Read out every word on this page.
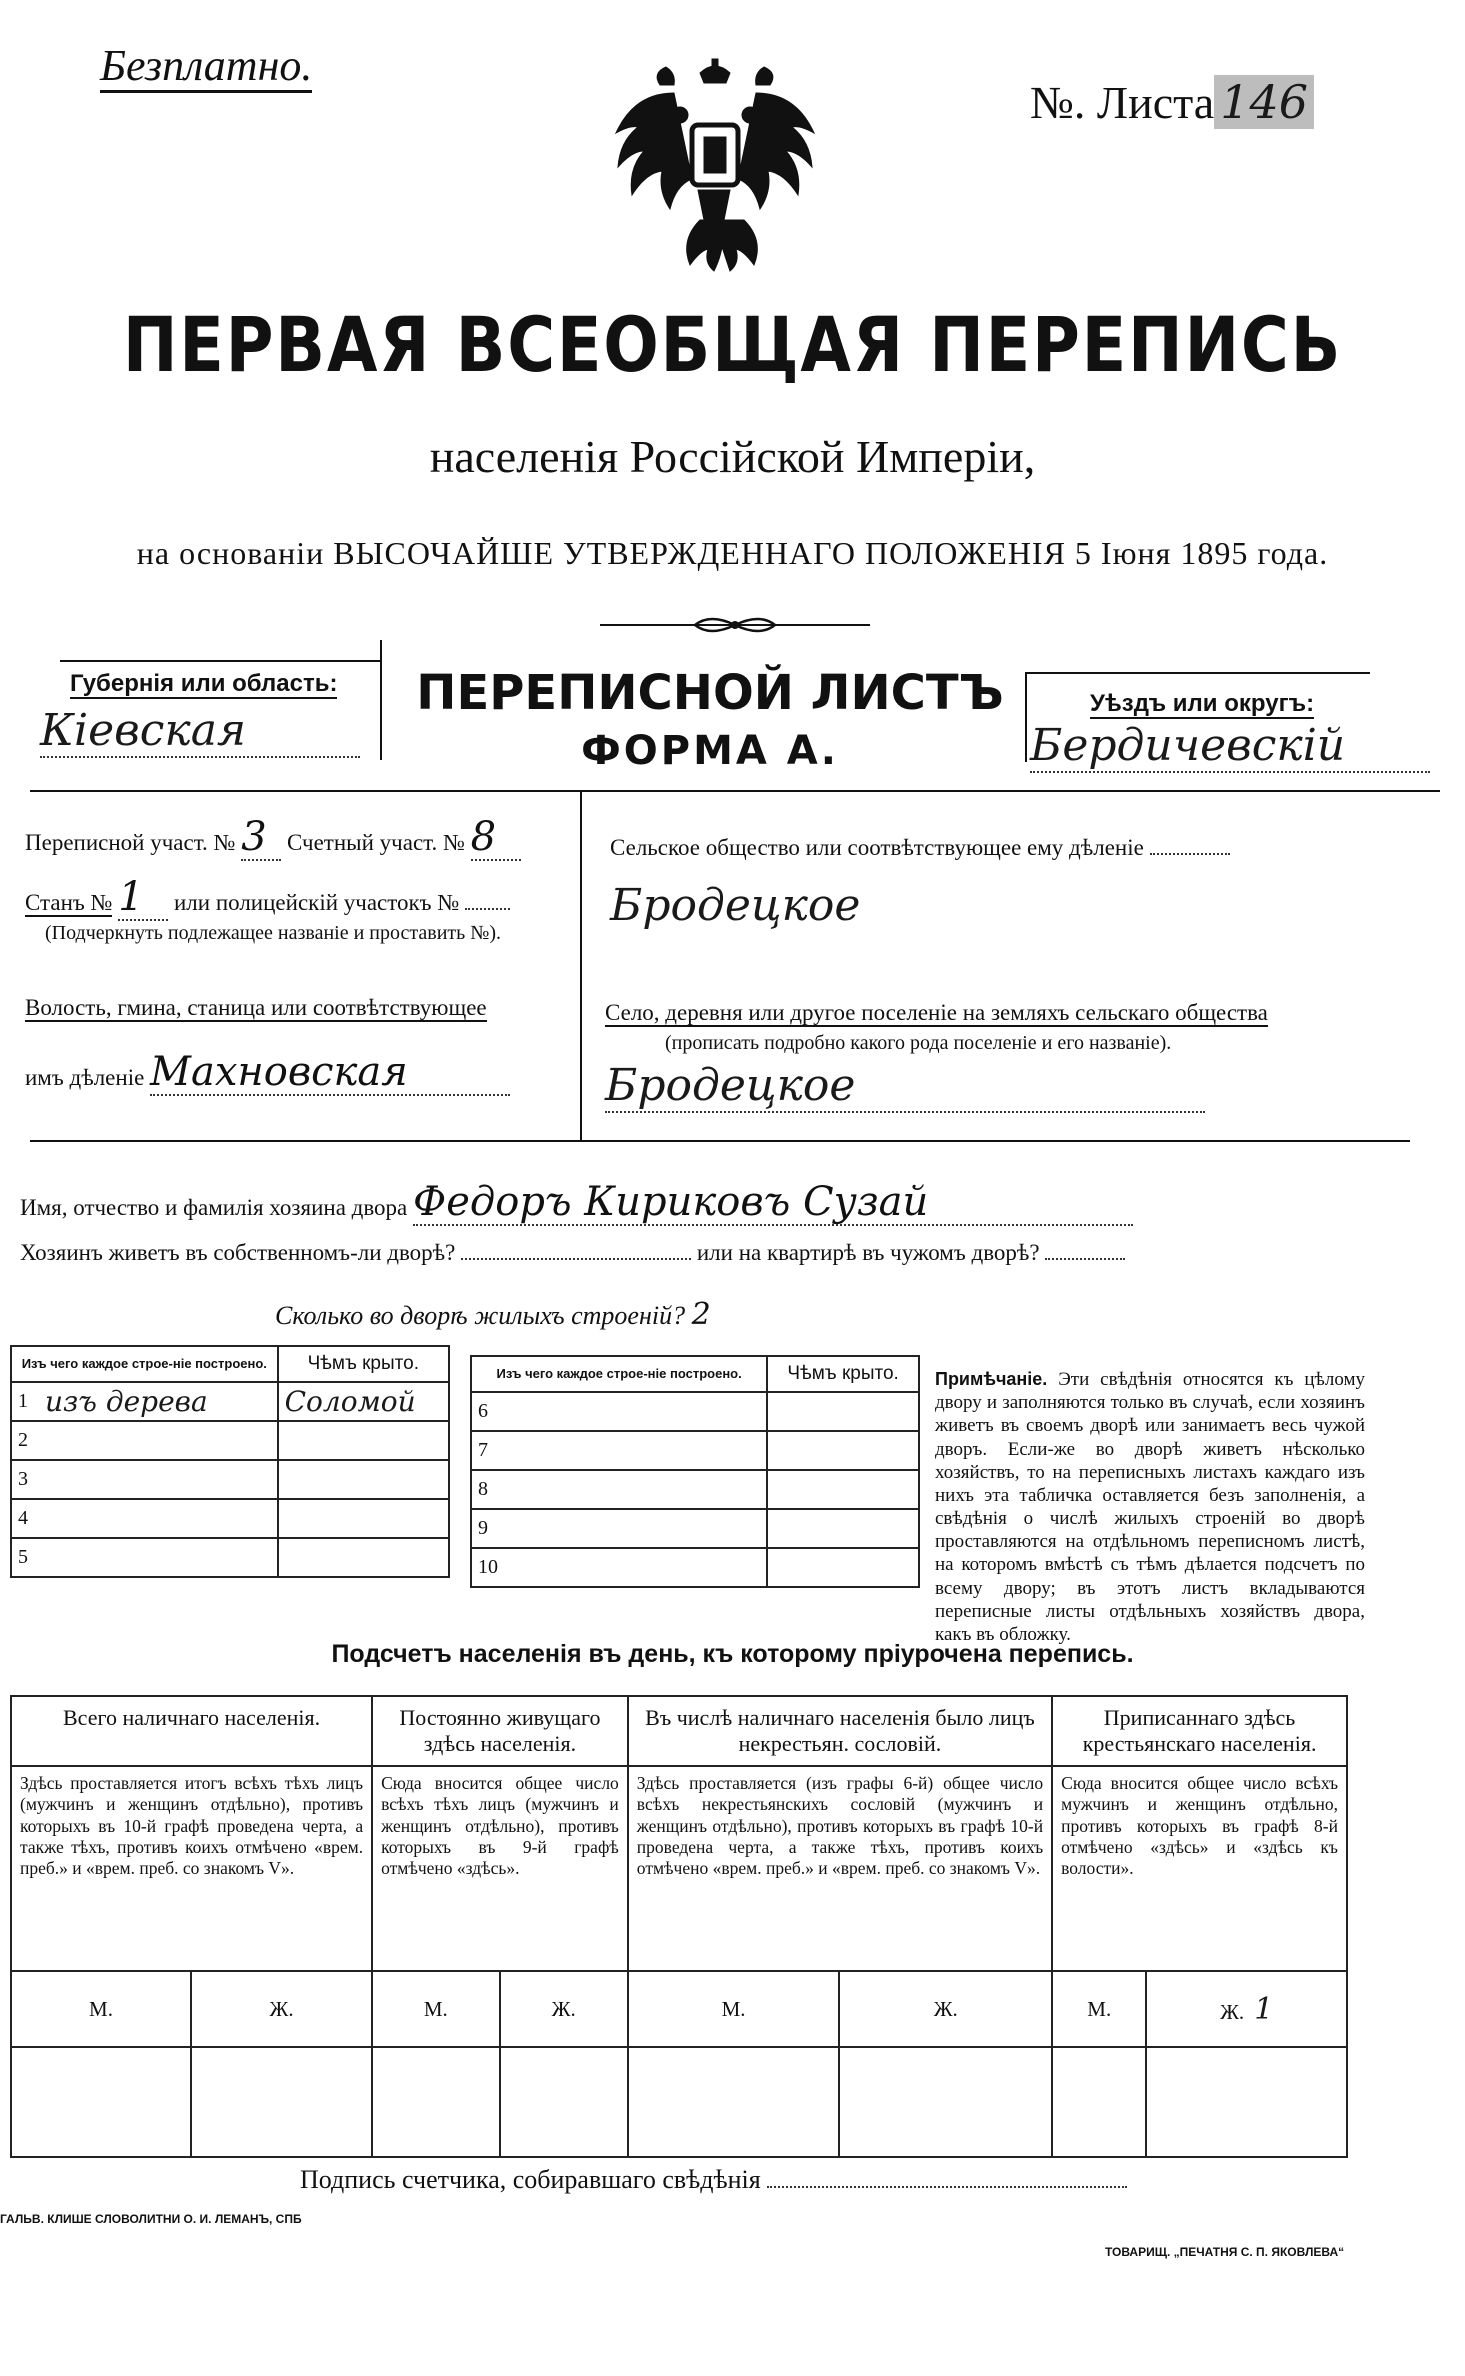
Безплатно.
№. Листа 146
ПЕРВАЯ ВСЕОБЩАЯ ПЕРЕПИСЬ
населенія Россійской Имперіи,
на основаніи ВЫСОЧАЙШЕ УТВЕРЖДЕННАГО ПОЛОЖЕНІЯ 5 Іюня 1895 года.
Губернія или область:
Кіевская
ПЕРЕПИСНОЙ ЛИСТЪ
ФОРМА А.
Уѣздъ или округъ:
Бердичевскій
Переписной участ. № 3 Счетный участ. № 8
Станъ № 1 или полицейскій участокъ №
(Подчеркнуть подлежащее названіе и проставить №).
Волость, гмина, станица или соотвѣтствующее
имъ дѣленіе Махновская
Сельское общество или соотвѣтствующее ему дѣленіе
Бродецкое
Село, деревня или другое поселеніе на земляхъ сельскаго общества
(прописать подробно какого рода поселеніе и его названіе).
Бродецкое
Имя, отчество и фамилія хозяина двора Федоръ Кириковъ Сузай
Хозяинъ живетъ въ собственномъ-ли дворѣ?	или на квартирѣ въ чужомъ дворѣ?
Сколько во дворѣ жилыхъ строеній? 2
Изъ чего каждое строе-ніе построено.		Чѣмъ крыто.
1	изъ дерева	Соломой
2		
3		
4		
5		
Изъ чего каждое строе-ніе построено.		Чѣмъ крыто.
6		
7		
8		
9		
10		
Примѣчаніе. Эти свѣдѣнія относятся къ цѣлому двору и заполняются только въ случаѣ, если хозяинъ живетъ въ своемъ дворѣ или занимаетъ весь чужой дворъ. Если-же во дворѣ живетъ нѣсколько хозяйствъ, то на переписныхъ листахъ каждаго изъ нихъ эта табличка оставляется безъ заполненія, а свѣдѣнія о числѣ жилыхъ строеній во дворѣ проставляются на отдѣльномъ переписномъ листѣ, на которомъ вмѣстѣ съ тѣмъ дѣлается подсчетъ по всему двору; въ этотъ листъ вкладываются переписные листы отдѣльныхъ хозяйствъ двора, какъ въ обложку.
Подсчетъ населенія въ день, къ которому пріурочена перепись.
Всего наличнаго населенія.		Постоянно живущаго здѣсь населенія.		Въ числѣ наличнаго населенія было лицъ некрестьян. сословій.		Приписаннаго здѣсь крестьянскаго населенія.	
Здѣсь проставляется итогъ всѣхъ тѣхъ лицъ (мужчинъ и женщинъ отдѣльно), противъ которыхъ въ 10-й графѣ проведена черта, а также тѣхъ, противъ коихъ отмѣчено «врем. преб.» и «врем. преб. со знакомъ V».		Сюда вносится общее число всѣхъ тѣхъ лицъ (мужчинъ и женщинъ отдѣльно), противъ которыхъ въ 9-й графѣ отмѣчено «здѣсь».		Здѣсь проставляется (изъ графы 6-й) общее число всѣхъ некрестьянскихъ сословій (мужчинъ и женщинъ отдѣльно), противъ которыхъ въ графѣ 10-й проведена черта, а также тѣхъ, противъ коихъ отмѣчено «врем. преб.» и «врем. преб. со знакомъ V».		Сюда вносится общее число всѣхъ мужчинъ и женщинъ отдѣльно, противъ которыхъ въ графѣ 8-й отмѣчено «здѣсь» и «здѣсь къ волости».	
М.	Ж.	М.	Ж.	М.	Ж.	М.	Ж. 1

Подпись счетчика, собиравшаго свѣдѣнія
ГАЛЬВ. КЛИШЕ СЛОВОЛИТНИ О. И. ЛЕМАНЪ, СПБ
ТОВАРИЩ. „ПЕЧАТНЯ С. П. ЯКОВЛЕВА“
